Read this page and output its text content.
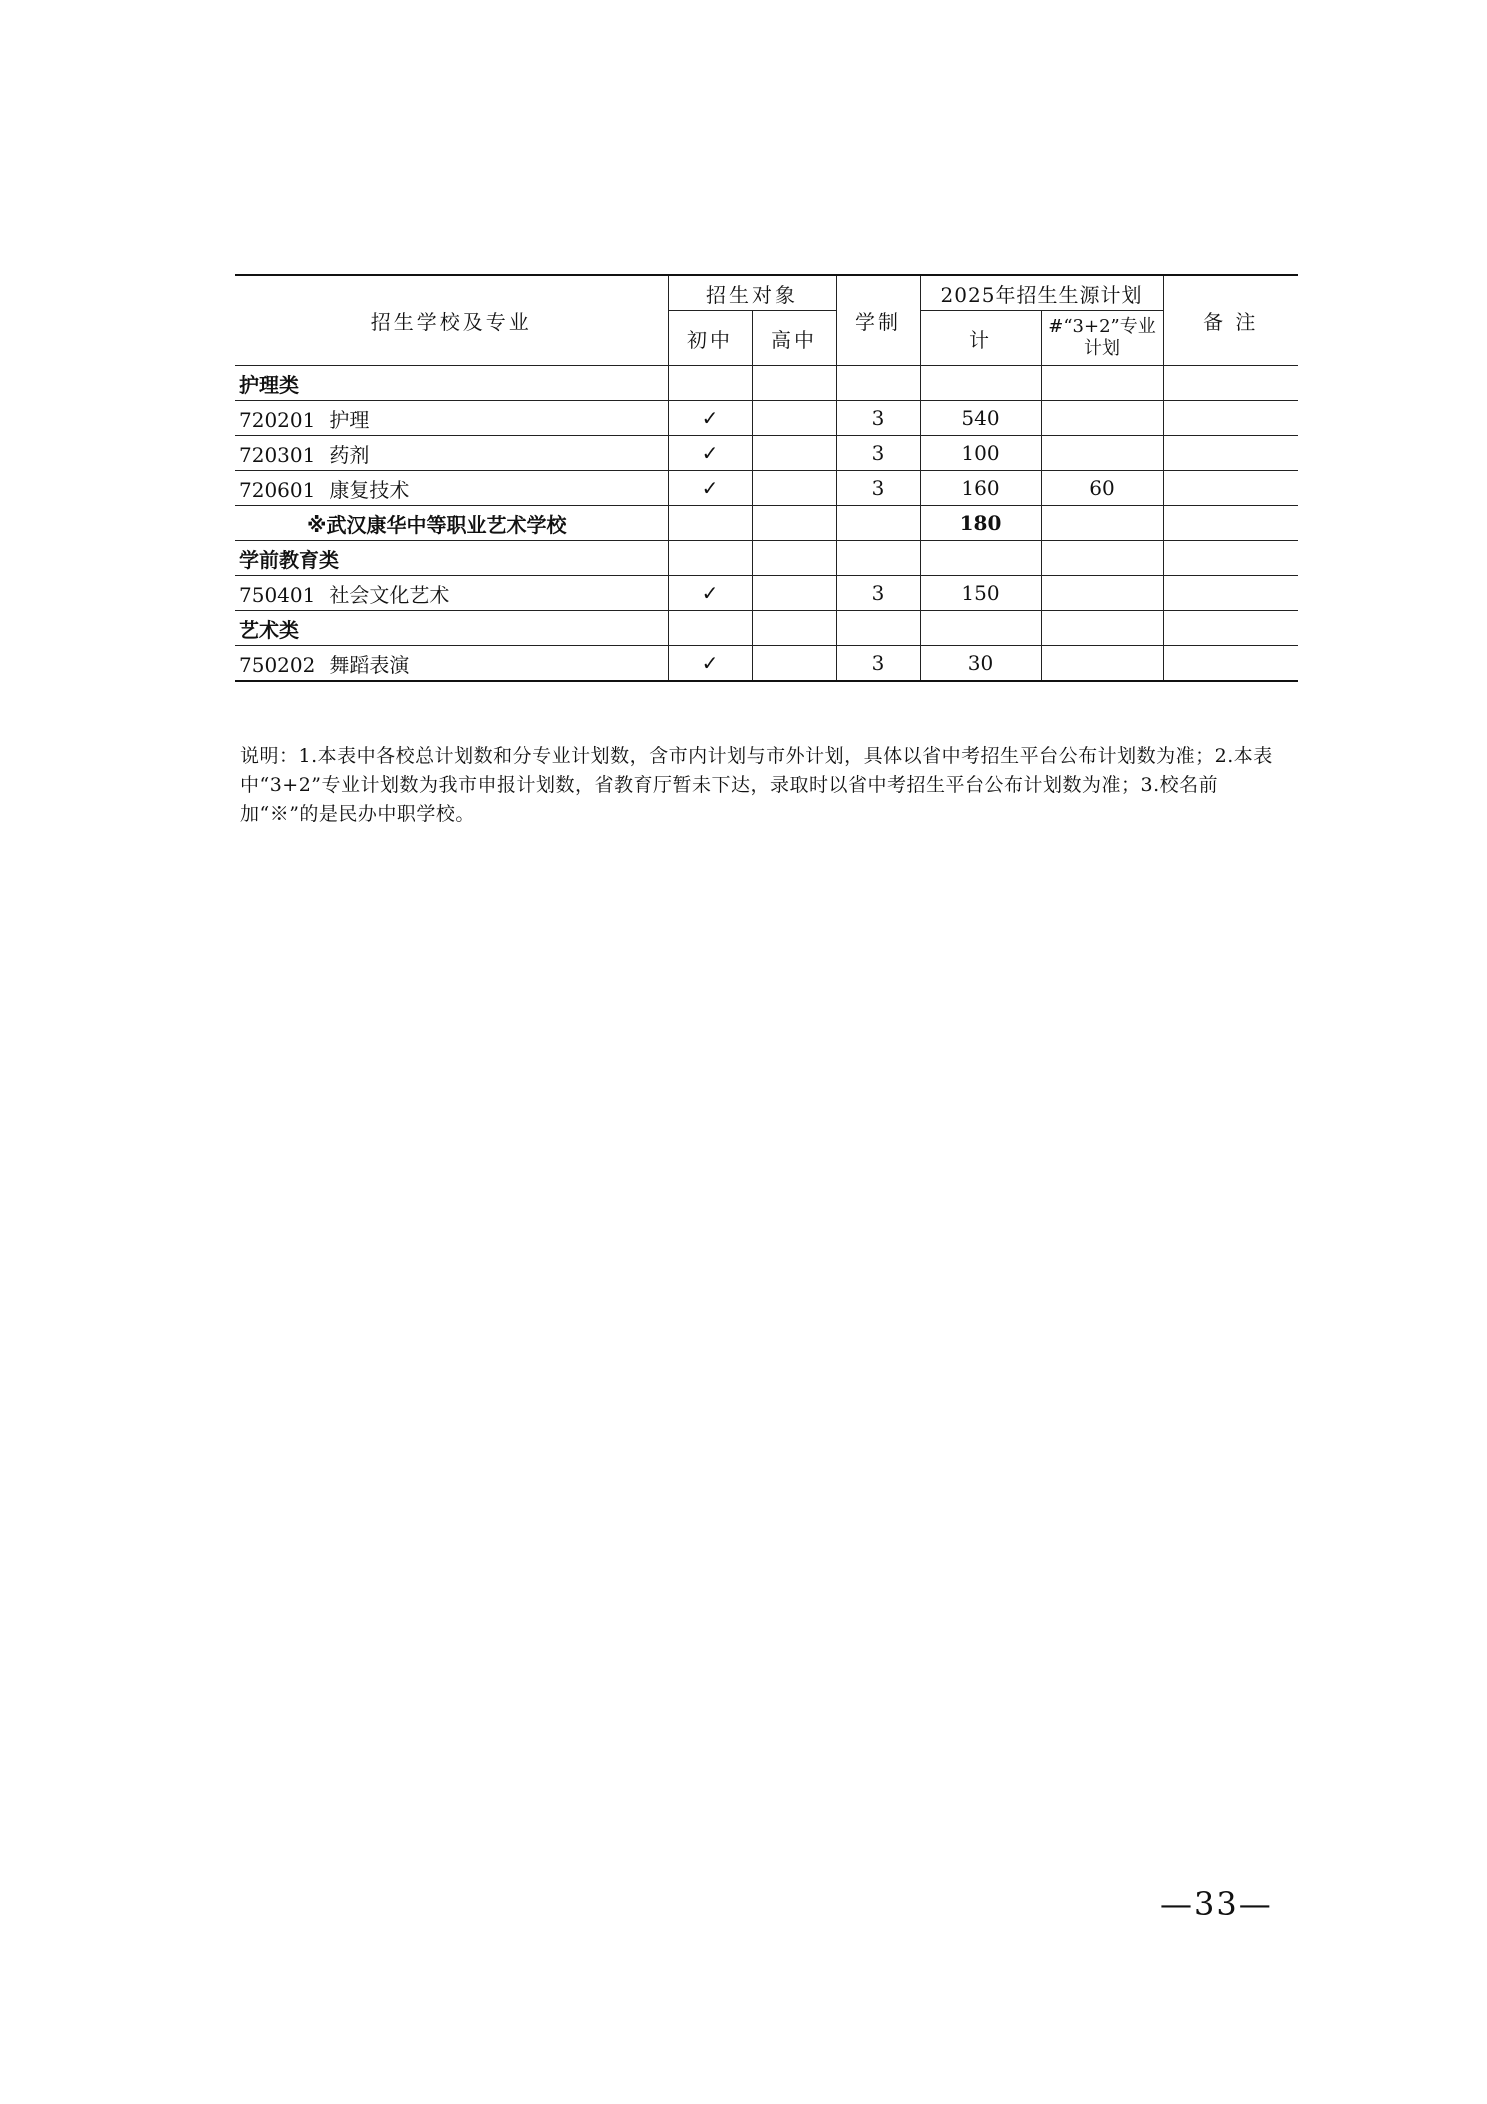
招生学校及专业	招生对象		学制	2025年招生生源计划		备 注
	初中	高中		计	#“3+2”专业计划	
护理类						
720201 护理	✓		3	540		
720301 药剂	✓		3	100		
720601 康复技术	✓		3	160	60	
※武汉康华中等职业艺术学校				180		
学前教育类						
750401 社会文化艺术	✓		3	150		
艺术类						
750202 舞蹈表演	✓		3	30		
说明：1.本表中各校总计划数和分专业计划数，含市内计划与市外计划，具体以省中考招生平台公布计划数为准；2.本表中“3+2”专业计划数为我市申报计划数，省教育厅暂未下达，录取时以省中考招生平台公布计划数为准；3.校名前加“※”的是民办中职学校。
—33—
